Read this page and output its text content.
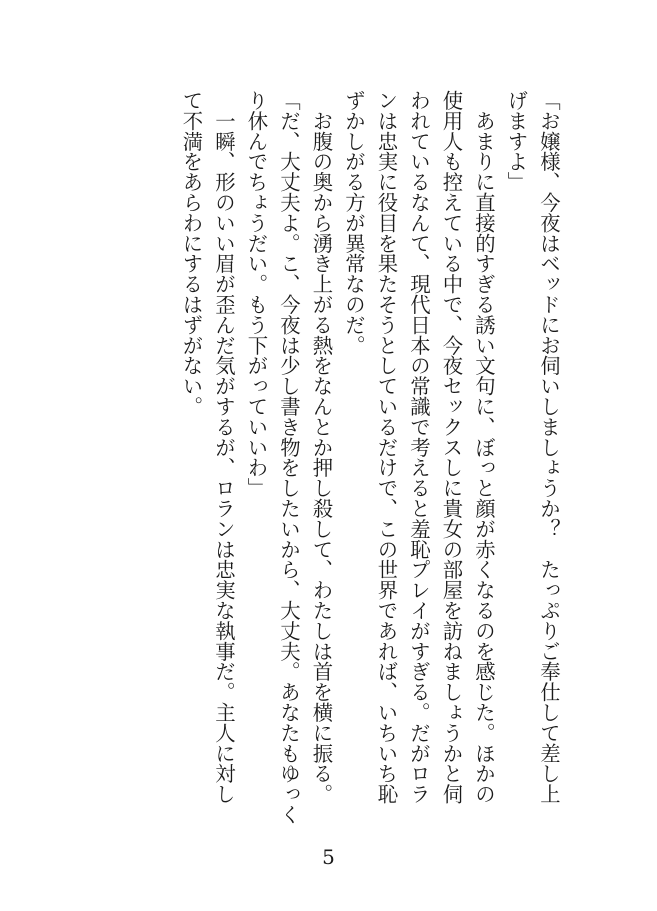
「お嬢様、今夜はベッドにお伺いしましょうか？　たっぷりご奉仕して差し上

げますよ」

　あまりに直接的すぎる誘い文句に、ぼっと顔が赤くなるのを感じた。ほかの

使用人も控えている中で、今夜セックスしに貴女の部屋を訪ねましょうかと伺

われているなんて、現代日本の常識で考えると羞恥プレイがすぎる。だがロラ

ンは忠実に役目を果たそうとしているだけで、この世界であれば、いちいち恥

ずかしがる方が異常なのだ。

　お腹の奥から湧き上がる熱をなんとか押し殺して、わたしは首を横に振る。

「だ、大丈夫よ。こ、今夜は少し書き物をしたいから、大丈夫。あなたもゆっく

り休んでちょうだい。もう下がっていいわ」

　一瞬、形のいい眉が歪んだ気がするが、ロランは忠実な執事だ。主人に対し

て不満をあらわにするはずがない。

5
